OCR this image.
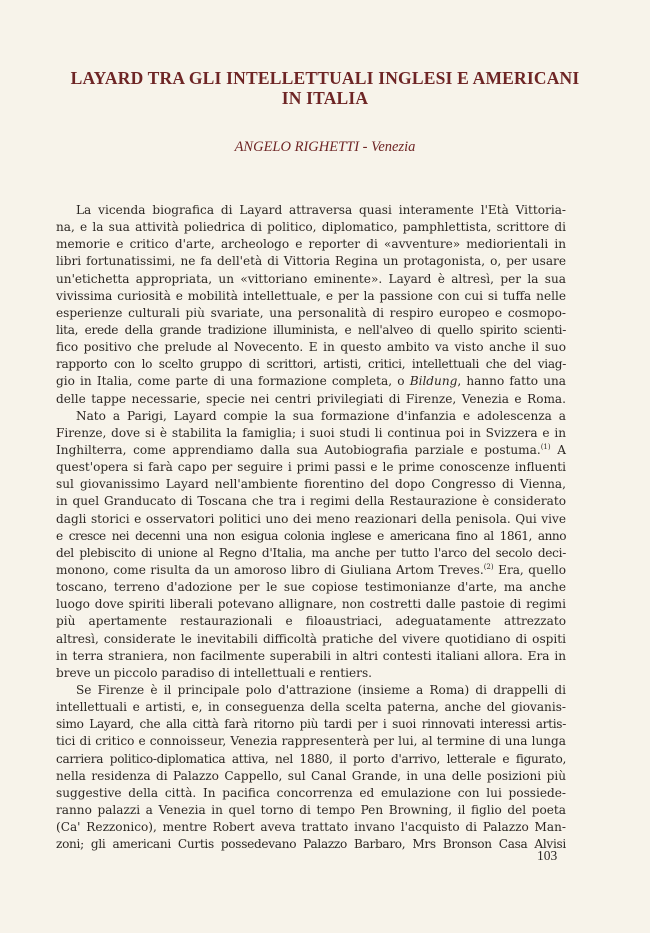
LAYARD TRA GLI INTELLETTUALI INGLESI E AMERICANI
IN ITALIA
ANGELO RIGHETTI - Venezia
La vicenda biografica di Layard attraversa quasi interamente l'Età Vittoria-
na, e la sua attività poliedrica di politico, diplomatico, pamphlettista, scrittore di
memorie e critico d'arte, archeologo e reporter di «avventure» mediorientali in
libri fortunatissimi, ne fa dell'età di Vittoria Regina un protagonista, o, per usare
un'etichetta appropriata, un «vittoriano eminente». Layard è altresì, per la sua
vivissima curiosità e mobilità intellettuale, e per la passione con cui si tuffa nelle
esperienze culturali più svariate, una personalità di respiro europeo e cosmopo-
lita, erede della grande tradizione illuminista, e nell'alveo di quello spirito scienti-
fico positivo che prelude al Novecento. E in questo ambito va visto anche il suo
rapporto con lo scelto gruppo di scrittori, artisti, critici, intellettuali che del viag-
gio in Italia, come parte di una formazione completa, o Bildung, hanno fatto una
delle tappe necessarie, specie nei centri privilegiati di Firenze, Venezia e Roma.
Nato a Parigi, Layard compie la sua formazione d'infanzia e adolescenza a
Firenze, dove si è stabilita la famiglia; i suoi studi li continua poi in Svizzera e in
Inghilterra, come apprendiamo dalla sua Autobiografia parziale e postuma.$^{(1)}$ A
quest'opera si farà capo per seguire i primi passi e le prime conoscenze influenti
sul giovanissimo Layard nell'ambiente fiorentino del dopo Congresso di Vienna,
in quel Granducato di Toscana che tra i regimi della Restaurazione è considerato
dagli storici e osservatori politici uno dei meno reazionari della penisola. Qui vive
e cresce nei decenni una non esigua colonia inglese e americana fino al 1861, anno
del plebiscito di unione al Regno d'Italia, ma anche per tutto l'arco del secolo deci-
monono, come risulta da un amoroso libro di Giuliana Artom Treves.$^{(2)}$ Era, quello
toscano, terreno d'adozione per le sue copiose testimonianze d'arte, ma anche
luogo dove spiriti liberali potevano allignare, non costretti dalle pastoie di regimi
più apertamente restaurazionali e filoaustriaci, adeguatamente attrezzato
altresì, considerate le inevitabili difficoltà pratiche del vivere quotidiano di ospiti
in terra straniera, non facilmente superabili in altri contesti italiani allora. Era in
breve un piccolo paradiso di intellettuali e rentiers.
Se Firenze è il principale polo d'attrazione (insieme a Roma) di drappelli di
intellettuali e artisti, e, in conseguenza della scelta paterna, anche del giovanis-
simo Layard, che alla città farà ritorno più tardi per i suoi rinnovati interessi artis-
tici di critico e connoisseur, Venezia rappresenterà per lui, al termine di una lunga
carriera politico-diplomatica attiva, nel 1880, il porto d'arrivo, letterale e figurato,
nella residenza di Palazzo Cappello, sul Canal Grande, in una delle posizioni più
suggestive della città. In pacifica concorrenza ed emulazione con lui possiede-
ranno palazzi a Venezia in quel torno di tempo Pen Browning, il figlio del poeta
(Ca' Rezzonico), mentre Robert aveva trattato invano l'acquisto di Palazzo Man-
zoni; gli americani Curtis possedevano Palazzo Barbaro, Mrs Bronson Casa Alvisi
103
